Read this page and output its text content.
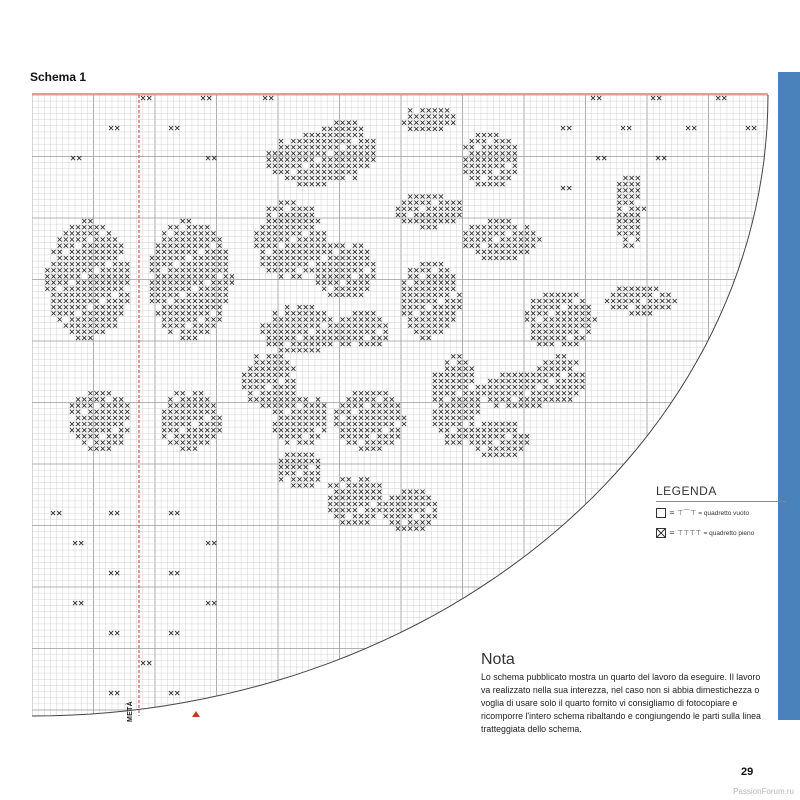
Schema 1
METÀ
LEGENDA
= ⊤⌒⊤ = quadretto vuoto
= ⊤⊤⊤⊤ = quadretto pieno
Nota
Lo schema pubblicato mostra un quarto del lavoro da eseguire. Il lavoro va realizzato nella sua interezza, nel caso non si abbia dimestichezza o voglia di usare solo il quarto fornito vi consigliamo di fotocopiare e ricomporre l'intero schema ribaltando e congiungendo le parti sulla linea tratteggiata dello schema.
29
PassionForum.ru
